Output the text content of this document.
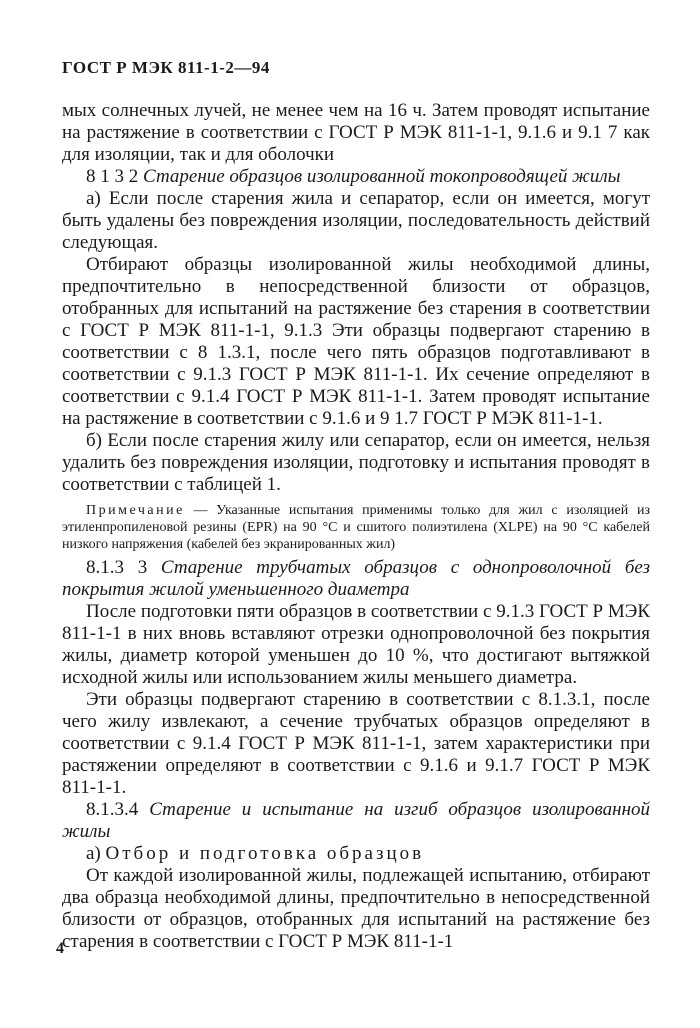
ГОСТ Р МЭК 811-1-2—94

мых солнечных лучей, не менее чем на 16 ч. Затем проводят испытание на растяжение в соответствии с ГОСТ Р МЭК 811-1-1, 9.1.6 и 9.1 7 как для изоляции, так и для оболочки

8 1 3 2 Старение образцов изолированной токопроводящей жилы

а) Если после старения жила и сепаратор, если он имеется, могут быть удалены без повреждения изоляции, последовательность действий следующая.

Отбирают образцы изолированной жилы необходимой длины, предпочтительно в непосредственной близости от образцов, отобранных для испытаний на растяжение без старения в соответствии с ГОСТ Р МЭК 811-1-1, 9.1.3 Эти образцы подвергают старению в соответствии с 8 1.3.1, после чего пять образцов подготавливают в соответствии с 9.1.3 ГОСТ Р МЭК 811-1-1. Их сечение определяют в соответствии с 9.1.4 ГОСТ Р МЭК 811-1-1. Затем проводят испытание на растяжение в соответствии с 9.1.6 и 9 1.7 ГОСТ Р МЭК 811-1-1.

б) Если после старения жилу или сепаратор, если он имеется, нельзя удалить без повреждения изоляции, подготовку и испытания проводят в соответствии с таблицей 1.

Примечание — Указанные испытания применимы только для жил с изоляцией из этиленпропиленовой резины (EPR) на 90 °С и сшитого полиэтилена (XLPE) на 90 °С кабелей низкого напряжения (кабелей без экранированных жил)

8.1.3 3 Старение трубчатых образцов с однопроволочной без покрытия жилой уменьшенного диаметра

После подготовки пяти образцов в соответствии с 9.1.3 ГОСТ Р МЭК 811-1-1 в них вновь вставляют отрезки однопроволочной без покрытия жилы, диаметр которой уменьшен до 10 %, что достигают вытяжкой исходной жилы или использованием жилы меньшего диаметра.

Эти образцы подвергают старению в соответствии с 8.1.3.1, после чего жилу извлекают, а сечение трубчатых образцов определяют в соответствии с 9.1.4 ГОСТ Р МЭК 811-1-1, затем характеристики при растяжении определяют в соответствии с 9.1.6 и 9.1.7 ГОСТ Р МЭК 811-1-1.

8.1.3.4 Старение и испытание на изгиб образцов изолированной жилы

а) Отбор и подготовка образцов

От каждой изолированной жилы, подлежащей испытанию, отбирают два образца необходимой длины, предпочтительно в непосредственной близости от образцов, отобранных для испытаний на растяжение без старения в соответствии с ГОСТ Р МЭК 811-1-1

4
